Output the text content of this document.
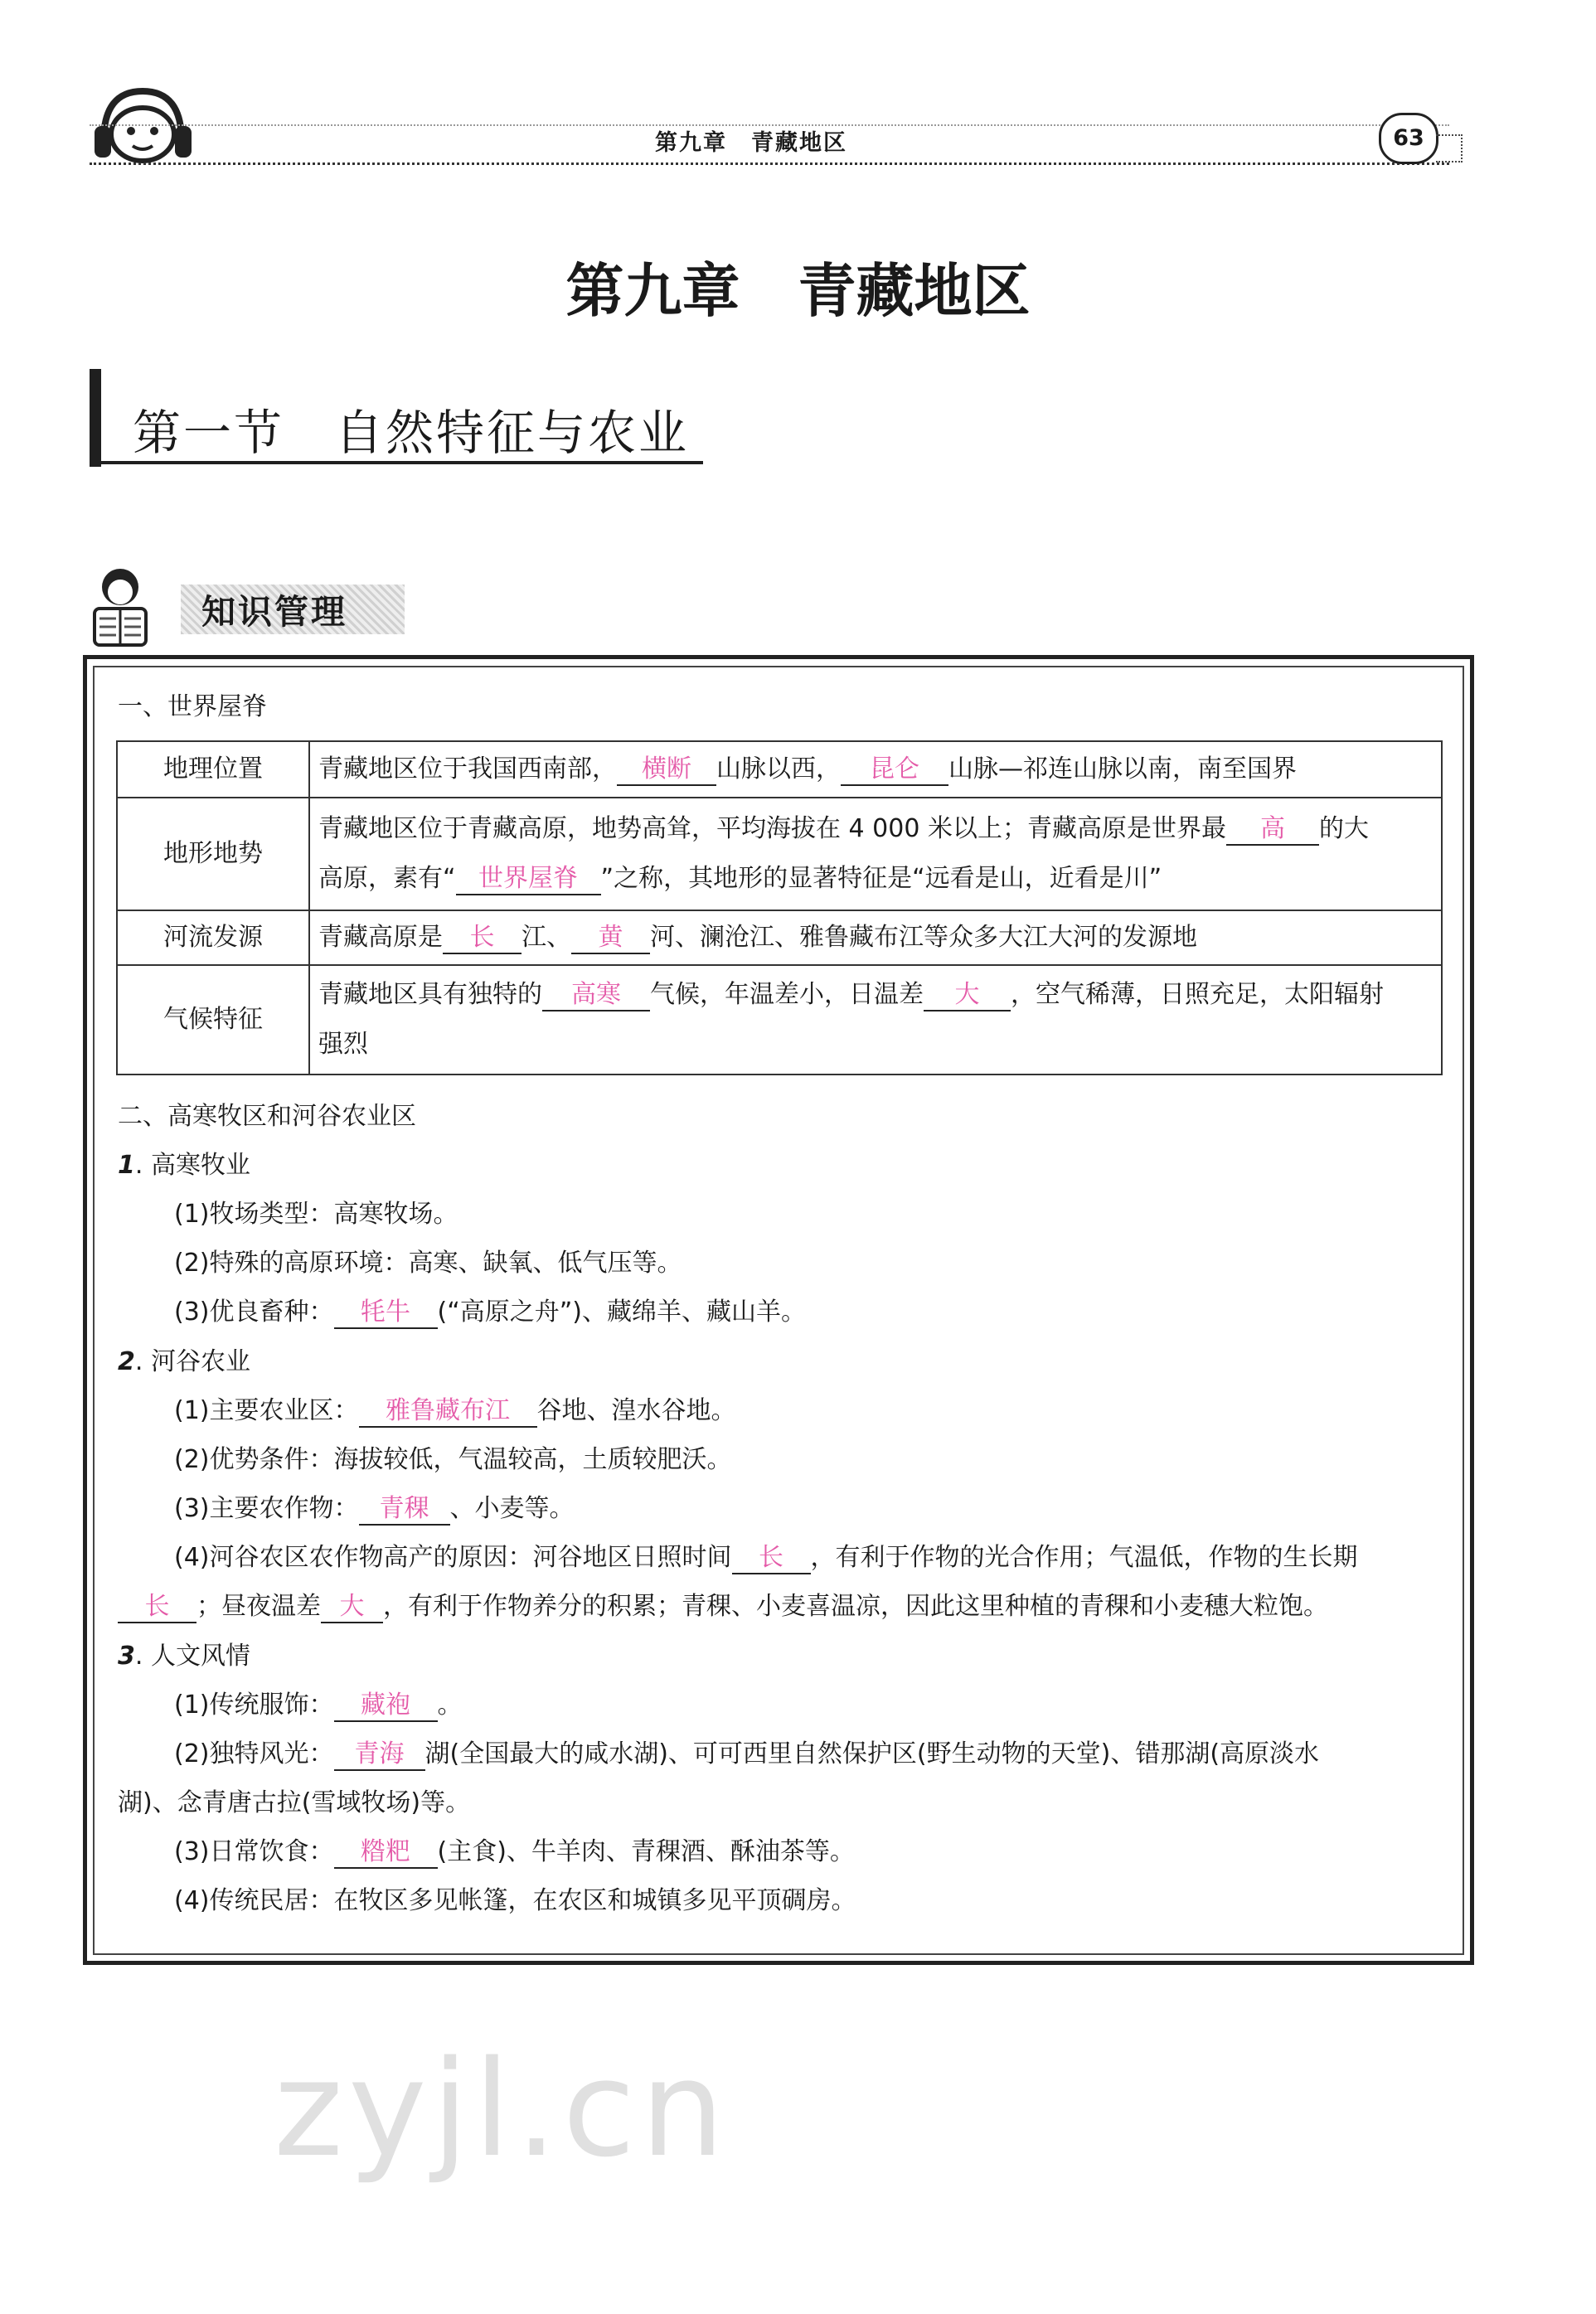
第九章　青藏地区	63
第九章　青藏地区
第一节　自然特征与农业
知识管理
一、世界屋脊
地理位置	青藏地区位于我国西南部， 横断 山脉以西， 昆仑 山脉—祁连山脉以南，南至国界
地形地势	青藏地区位于青藏高原，地势高耸，平均海拔在 4 000 米以上；青藏高原是世界最 高 的大
高原，素有“ 世界屋脊 ”之称，其地形的显著特征是“远看是山，近看是川”

河流发源	青藏高原是 长 江、 黄 河、澜沧江、雅鲁藏布江等众多大江大河的发源地
气候特征	青藏地区具有独特的 高寒 气候，年温差小，日温差 大 ，空气稀薄，日照充足，太阳辐射
强烈
二、高寒牧区和河谷农业区
1. 高寒牧业
(1)牧场类型：高寒牧场。
(2)特殊的高原环境：高寒、缺氧、低气压等。
(3)优良畜种： 牦牛 (“高原之舟”)、藏绵羊、藏山羊。
2. 河谷农业
(1)主要农业区： 雅鲁藏布江 谷地、湟水谷地。
(2)优势条件：海拔较低，气温较高，土质较肥沃。
(3)主要农作物： 青稞 、小麦等。
(4)河谷农区农作物高产的原因：河谷地区日照时间 长 ，有利于作物的光合作用；气温低，作物的生长期
长 ；昼夜温差 大 ，有利于作物养分的积累；青稞、小麦喜温凉，因此这里种植的青稞和小麦穗大粒饱。
3. 人文风情
(1)传统服饰： 藏袍 。
(2)独特风光： 青海 湖(全国最大的咸水湖)、可可西里自然保护区(野生动物的天堂)、错那湖(高原淡水
湖)、念青唐古拉(雪域牧场)等。
(3)日常饮食： 糌粑 (主食)、牛羊肉、青稞酒、酥油茶等。
(4)传统民居：在牧区多见帐篷，在农区和城镇多见平顶碉房。
zyjl.cn
